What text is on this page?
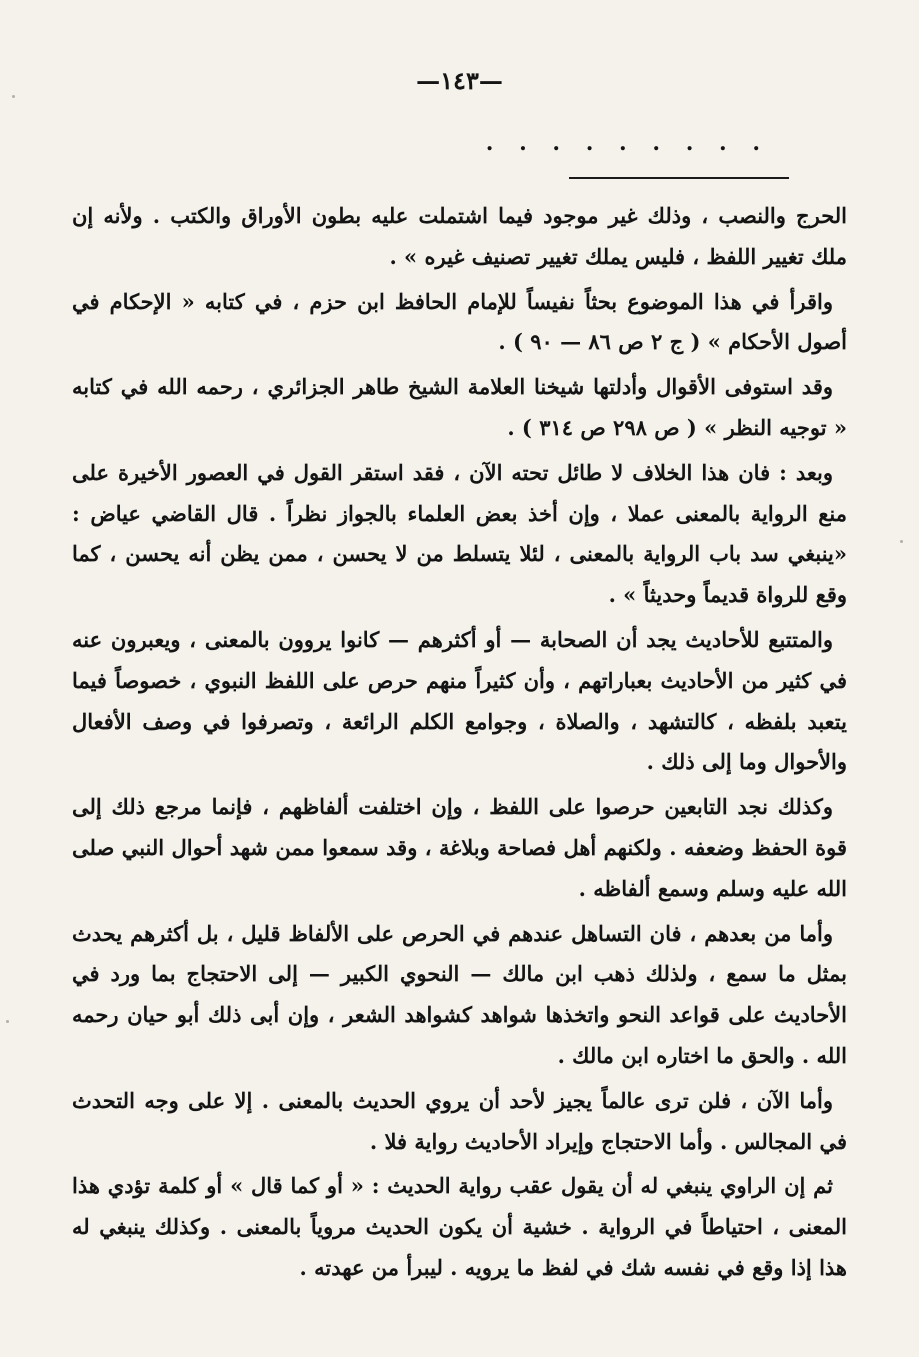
—١٤٣—
. . . . . . . . .

الحرج والنصب ، وذلك غير موجود فيما اشتملت عليه بطون الأوراق والكتب . ولأنه إن ملك تغيير اللفظ ، فليس يملك تغيير تصنيف غيره » .

واقرأ في هذا الموضوع بحثاً نفيساً للإمام الحافظ ابن حزم ، في كتابه « الإحكام في أصول الأحكام » ( ج ٢ ص ٨٦ — ٩٠ ) .

وقد استوفى الأقوال وأدلتها شيخنا العلامة الشيخ طاهر الجزائري ، رحمه الله في كتابه « توجيه النظر » ( ص ٢٩٨ ص ٣١٤ ) .

وبعد : فان هذا الخلاف لا طائل تحته الآن ، فقد استقر القول في العصور الأخيرة على منع الرواية بالمعنى عملا ، وإن أخذ بعض العلماء بالجواز نظراً . قال القاضي عياض : «ينبغي سد باب الرواية بالمعنى ، لئلا يتسلط من لا يحسن ، ممن يظن أنه يحسن ، كما وقع للرواة قديماً وحديثاً » .

والمتتبع للأحاديث يجد أن الصحابة — أو أكثرهم — كانوا يروون بالمعنى ، ويعبرون عنه في كثير من الأحاديث بعباراتهم ، وأن كثيراً منهم حرص على اللفظ النبوي ، خصوصاً فيما يتعبد بلفظه ، كالتشهد ، والصلاة ، وجوامع الكلم الرائعة ، وتصرفوا في وصف الأفعال والأحوال وما إلى ذلك .

وكذلك نجد التابعين حرصوا على اللفظ ، وإن اختلفت ألفاظهم ، فإنما مرجع ذلك إلى قوة الحفظ وضعفه . ولكنهم أهل فصاحة وبلاغة ، وقد سمعوا ممن شهد أحوال النبي صلى الله عليه وسلم وسمع ألفاظه .

وأما من بعدهم ، فان التساهل عندهم في الحرص على الألفاظ قليل ، بل أكثرهم يحدث بمثل ما سمع ، ولذلك ذهب ابن مالك — النحوي الكبير — إلى الاحتجاج بما ورد في الأحاديث على قواعد النحو واتخذها شواهد كشواهد الشعر ، وإن أبى ذلك أبو حيان رحمه الله . والحق ما اختاره ابن مالك .

وأما الآن ، فلن ترى عالماً يجيز لأحد أن يروي الحديث بالمعنى . إلا على وجه التحدث في المجالس . وأما الاحتجاج وإيراد الأحاديث رواية فلا .

ثم إن الراوي ينبغي له أن يقول عقب رواية الحديث : « أو كما قال » أو كلمة تؤدي هذا المعنى ، احتياطاً في الرواية . خشية أن يكون الحديث مروياً بالمعنى . وكذلك ينبغي له هذا إذا وقع في نفسه شك في لفظ ما يرويه . ليبرأ من عهدته .
